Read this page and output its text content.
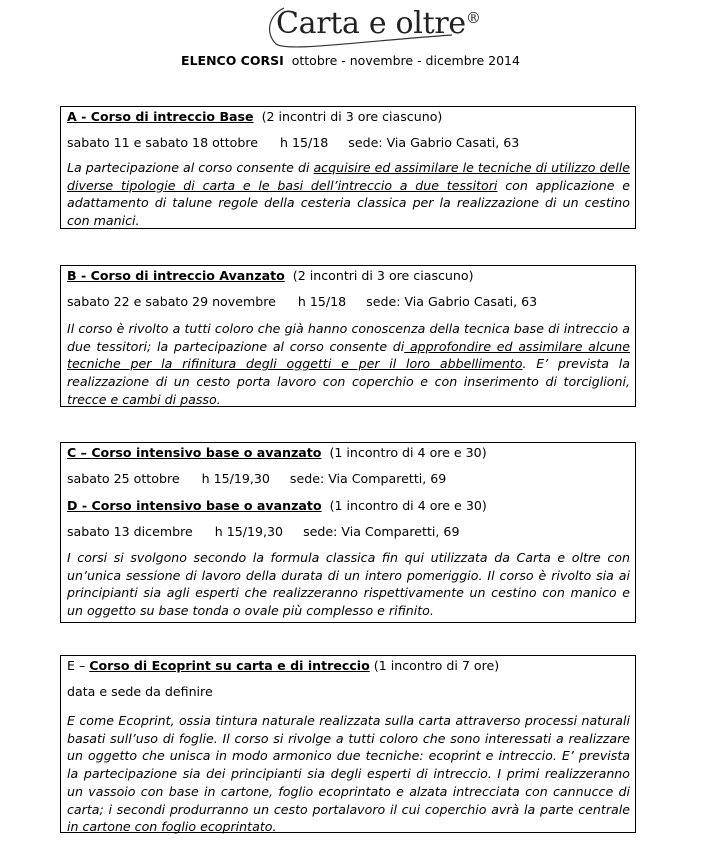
Carta e oltre®
ELENCO CORSI ottobre - novembre - dicembre 2014
A - Corso di intreccio Base (2 incontri di 3 ore ciascuno)
sabato 11 e sabato 18 ottobre h 15/18 sede: Via Gabrio Casati, 63
La partecipazione al corso consente di acquisire ed assimilare le tecniche di utilizzo delle diverse tipologie di carta e le basi dell’intreccio a due tessitori con applicazione e adattamento di talune regole della cesteria classica per la realizzazione di un cestino con manici.
B - Corso di intreccio Avanzato (2 incontri di 3 ore ciascuno)
sabato 22 e sabato 29 novembre h 15/18 sede: Via Gabrio Casati, 63
Il corso è rivolto a tutti coloro che già hanno conoscenza della tecnica base di intreccio a due tessitori; la partecipazione al corso consente di approfondire ed assimilare alcune tecniche per la rifinitura degli oggetti e per il loro abbellimento. E’ prevista la realizzazione di un cesto porta lavoro con coperchio e con inserimento di torciglioni, trecce e cambi di passo.
C – Corso intensivo base o avanzato (1 incontro di 4 ore e 30)
sabato 25 ottobre h 15/19,30 sede: Via Comparetti, 69
D - Corso intensivo base o avanzato (1 incontro di 4 ore e 30)
sabato 13 dicembre h 15/19,30 sede: Via Comparetti, 69
I corsi si svolgono secondo la formula classica fin qui utilizzata da Carta e oltre con un’unica sessione di lavoro della durata di un intero pomeriggio. Il corso è rivolto sia ai principianti sia agli esperti che realizzeranno rispettivamente un cestino con manico e un oggetto su base tonda o ovale più complesso e rifinito.
E – Corso di Ecoprint su carta e di intreccio (1 incontro di 7 ore)
data e sede da definire
E come Ecoprint, ossia tintura naturale realizzata sulla carta attraverso processi naturali basati sull’uso di foglie. Il corso si rivolge a tutti coloro che sono interessati a realizzare un oggetto che unisca in modo armonico due tecniche: ecoprint e intreccio. E’ prevista la partecipazione sia dei principianti sia degli esperti di intreccio. I primi realizzeranno un vassoio con base in cartone, foglio ecoprintato e alzata intrecciata con cannucce di carta; i secondi produrranno un cesto portalavoro il cui coperchio avrà la parte centrale in cartone con foglio ecoprintato.
